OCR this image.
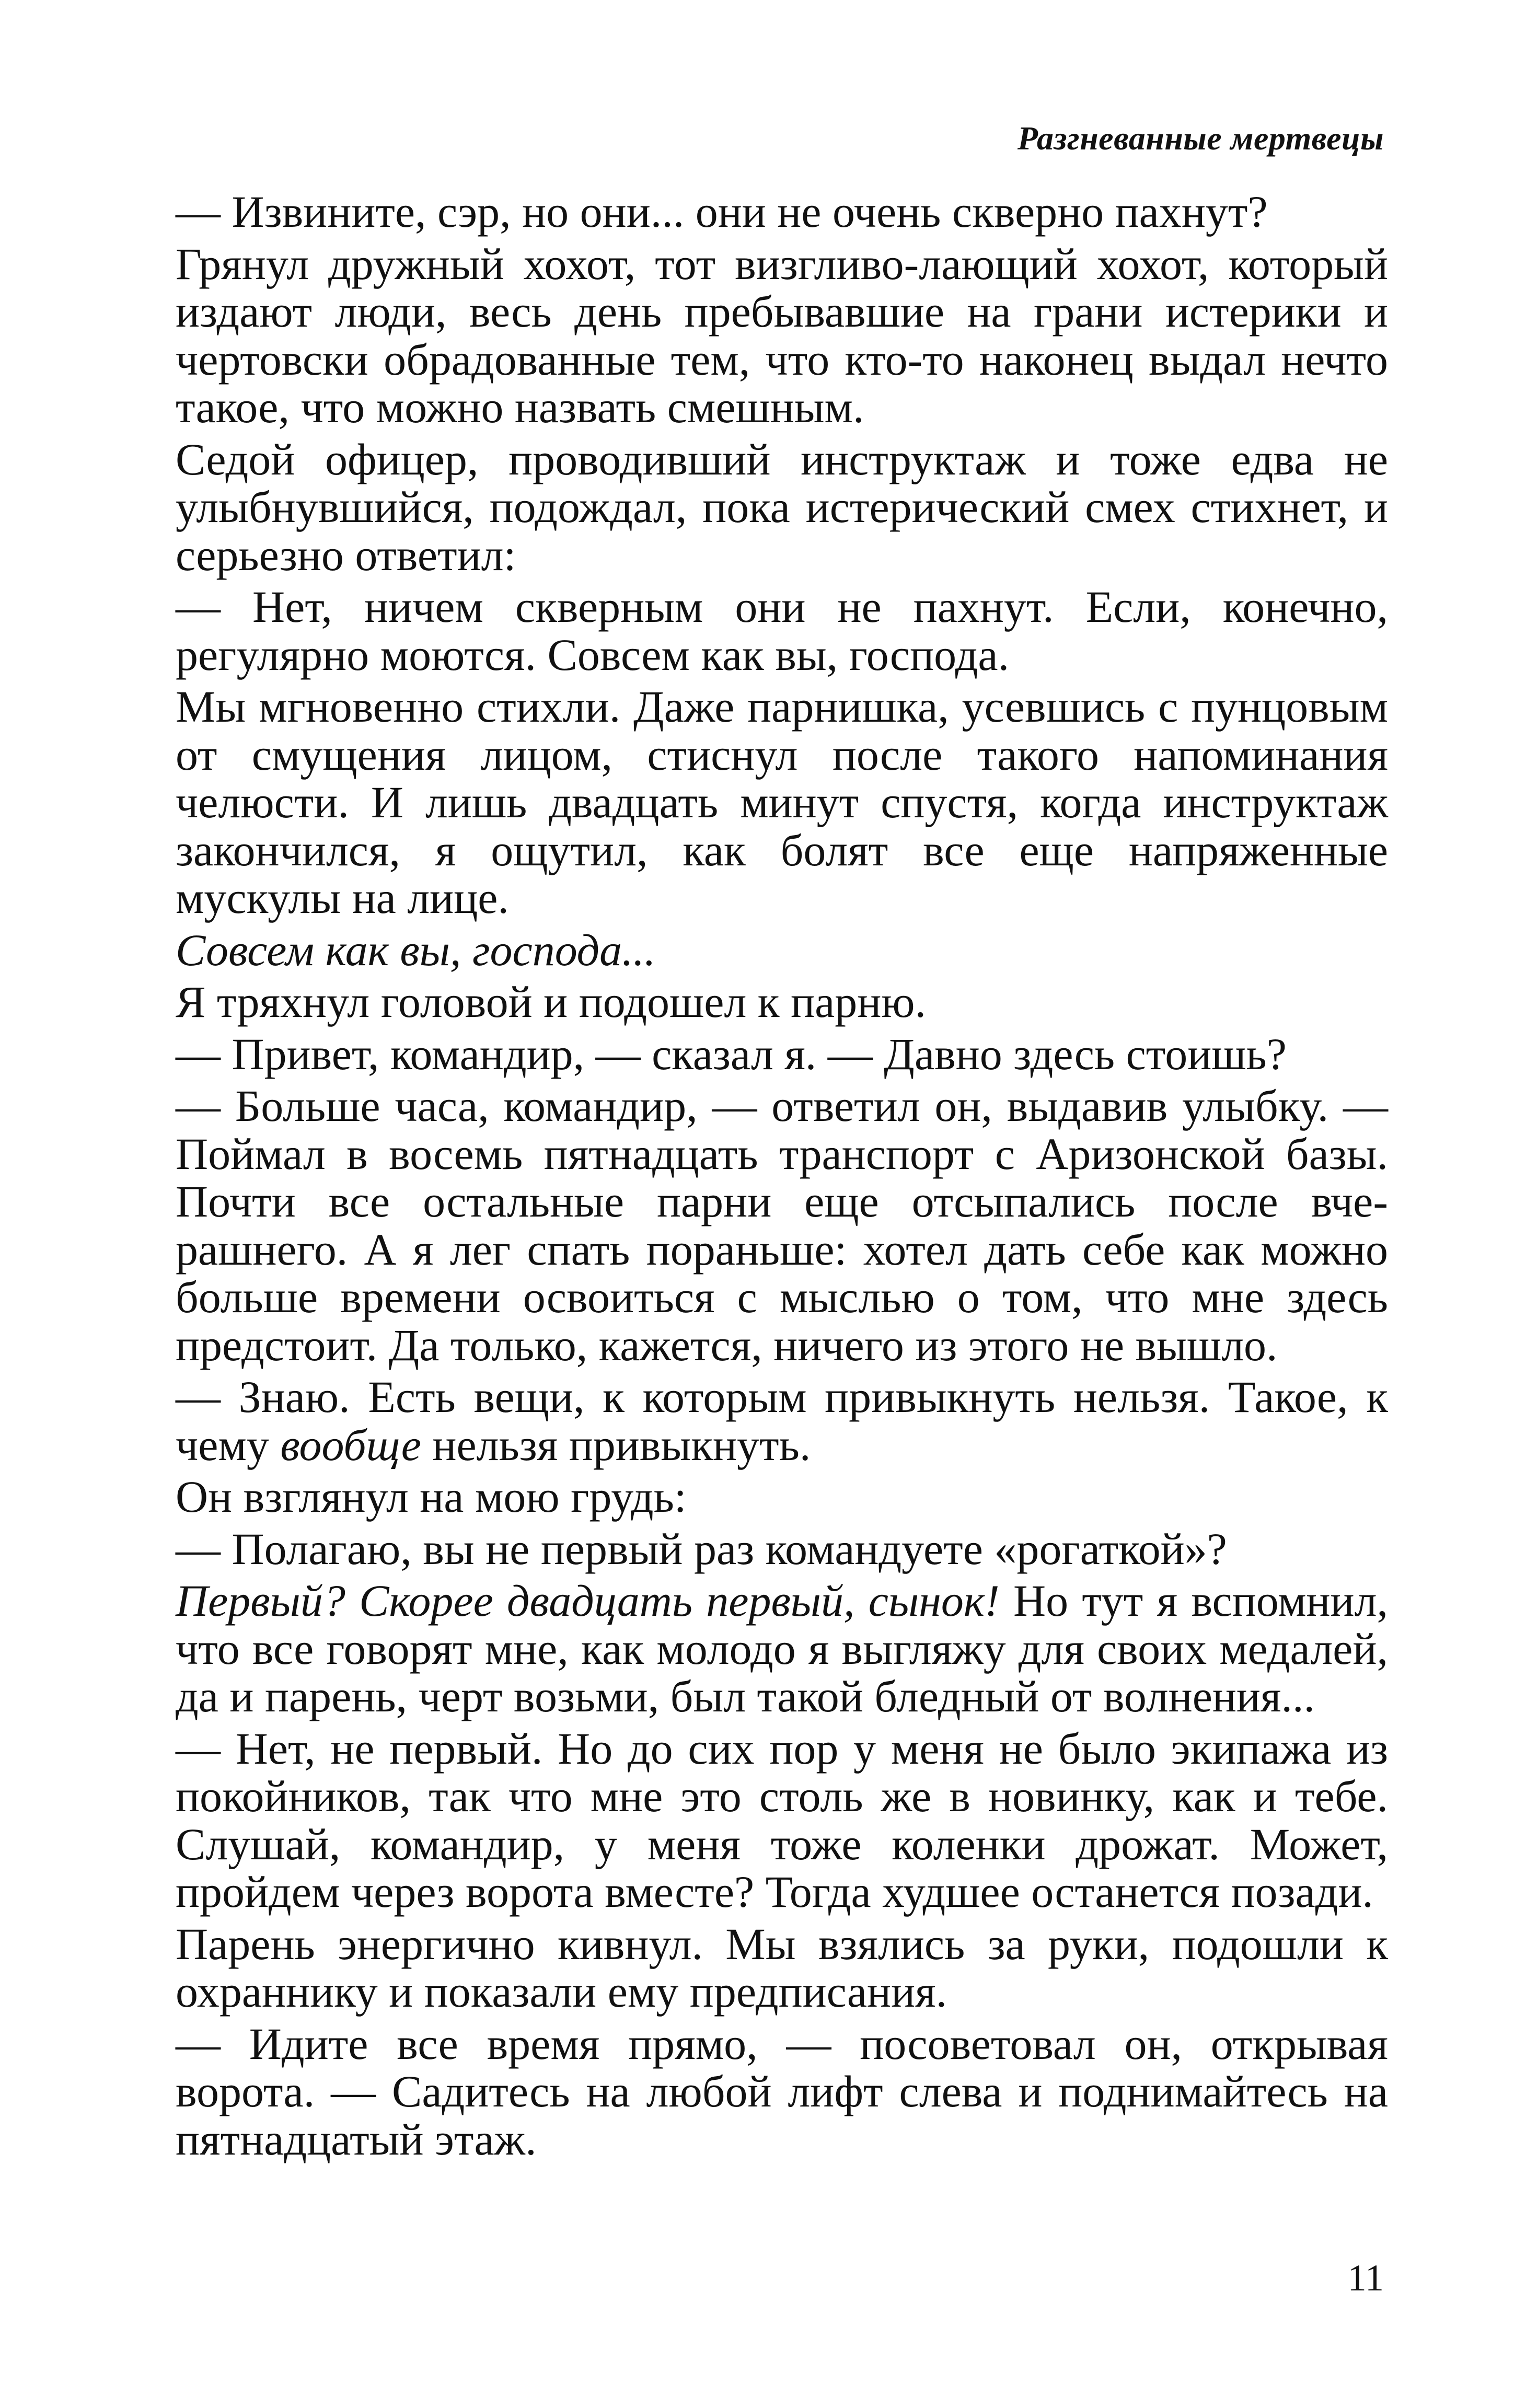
Разгневанные мертвецы

— Извините, сэр, но они... они не очень скверно пахнут?

Грянул дружный хохот, тот визгливо-лающий хохот, который издают люди, весь день пребывавшие на грани истерики и чертовски обрадованные тем, что кто-то наконец выдал нечто такое, что можно назвать смешным.

Седой офицер, проводивший инструктаж и тоже едва не улыбнувшийся, подождал, пока истерический смех стихнет, и серьезно ответил:

— Нет, ничем скверным они не пахнут. Если, конечно, регулярно моются. Совсем как вы, господа.

Мы мгновенно стихли. Даже парнишка, усевшись с пунцовым от смущения лицом, стиснул после такого напоминания челюсти. И лишь двадцать минут спустя, когда инструктаж закончился, я ощутил, как болят все еще напряженные мускулы на лице.

Совсем как вы, господа...

Я тряхнул головой и подошел к парню.

— Привет, командир, — сказал я. — Давно здесь стоишь?

— Больше часа, командир, — ответил он, выдавив улыбку. — Поймал в восемь пятнадцать транспорт с Аризонской базы. Почти все остальные парни еще отсыпались после вчерашнего. А я лег спать пораньше: хотел дать себе как можно больше времени освоиться с мыслью о том, что мне здесь предстоит. Да только, кажется, ничего из этого не вышло.

— Знаю. Есть вещи, к которым привыкнуть нельзя. Такое, к чему вообще нельзя привыкнуть.

Он взглянул на мою грудь:

— Полагаю, вы не первый раз командуете «рогаткой»?

Первый? Скорее двадцать первый, сынок! Но тут я вспомнил, что все говорят мне, как молодо я выгляжу для своих медалей, да и парень, черт возьми, был такой бледный от волнения...

— Нет, не первый. Но до сих пор у меня не было экипажа из покойников, так что мне это столь же в новинку, как и тебе. Слушай, командир, у меня тоже коленки дрожат. Может, пройдем через ворота вместе? Тогда худшее останется позади.

Парень энергично кивнул. Мы взялись за руки, подошли к охраннику и показали ему предписания.

— Идите все время прямо, — посоветовал он, открывая ворота. — Садитесь на любой лифт слева и поднимайтесь на пятнадцатый этаж.

11
